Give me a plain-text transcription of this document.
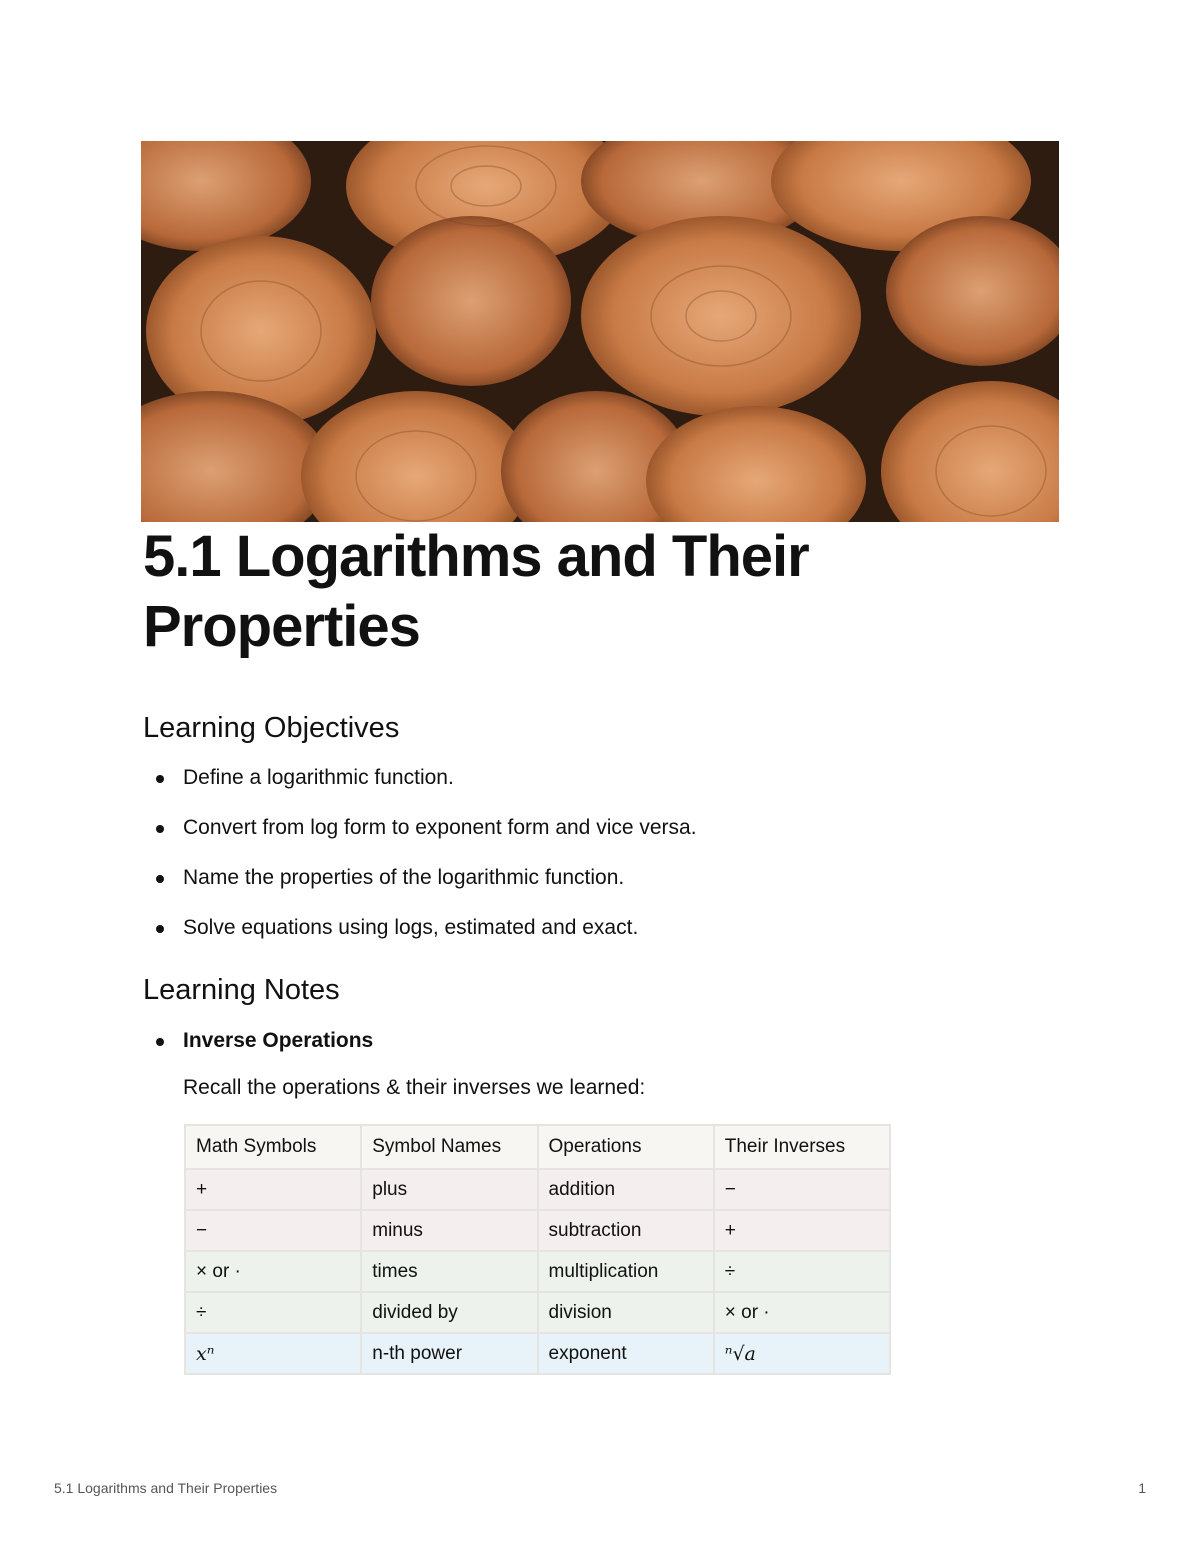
5.1 Logarithms and Their Properties
Learning Objectives
Define a logarithmic function.
Convert from log form to exponent form and vice versa.
Name the properties of the logarithmic function.
Solve equations using logs, estimated and exact.
Learning Notes
Inverse Operations
Recall the operations & their inverses we learned:
Math Symbols	Symbol Names	Operations	Their Inverses
+	plus	addition	−
−	minus	subtraction	+
× or ·	times	multiplication	÷
÷	divided by	division	× or ·
xⁿ	n-th power	exponent	ⁿ√a
5.1 Logarithms and Their Properties	1
